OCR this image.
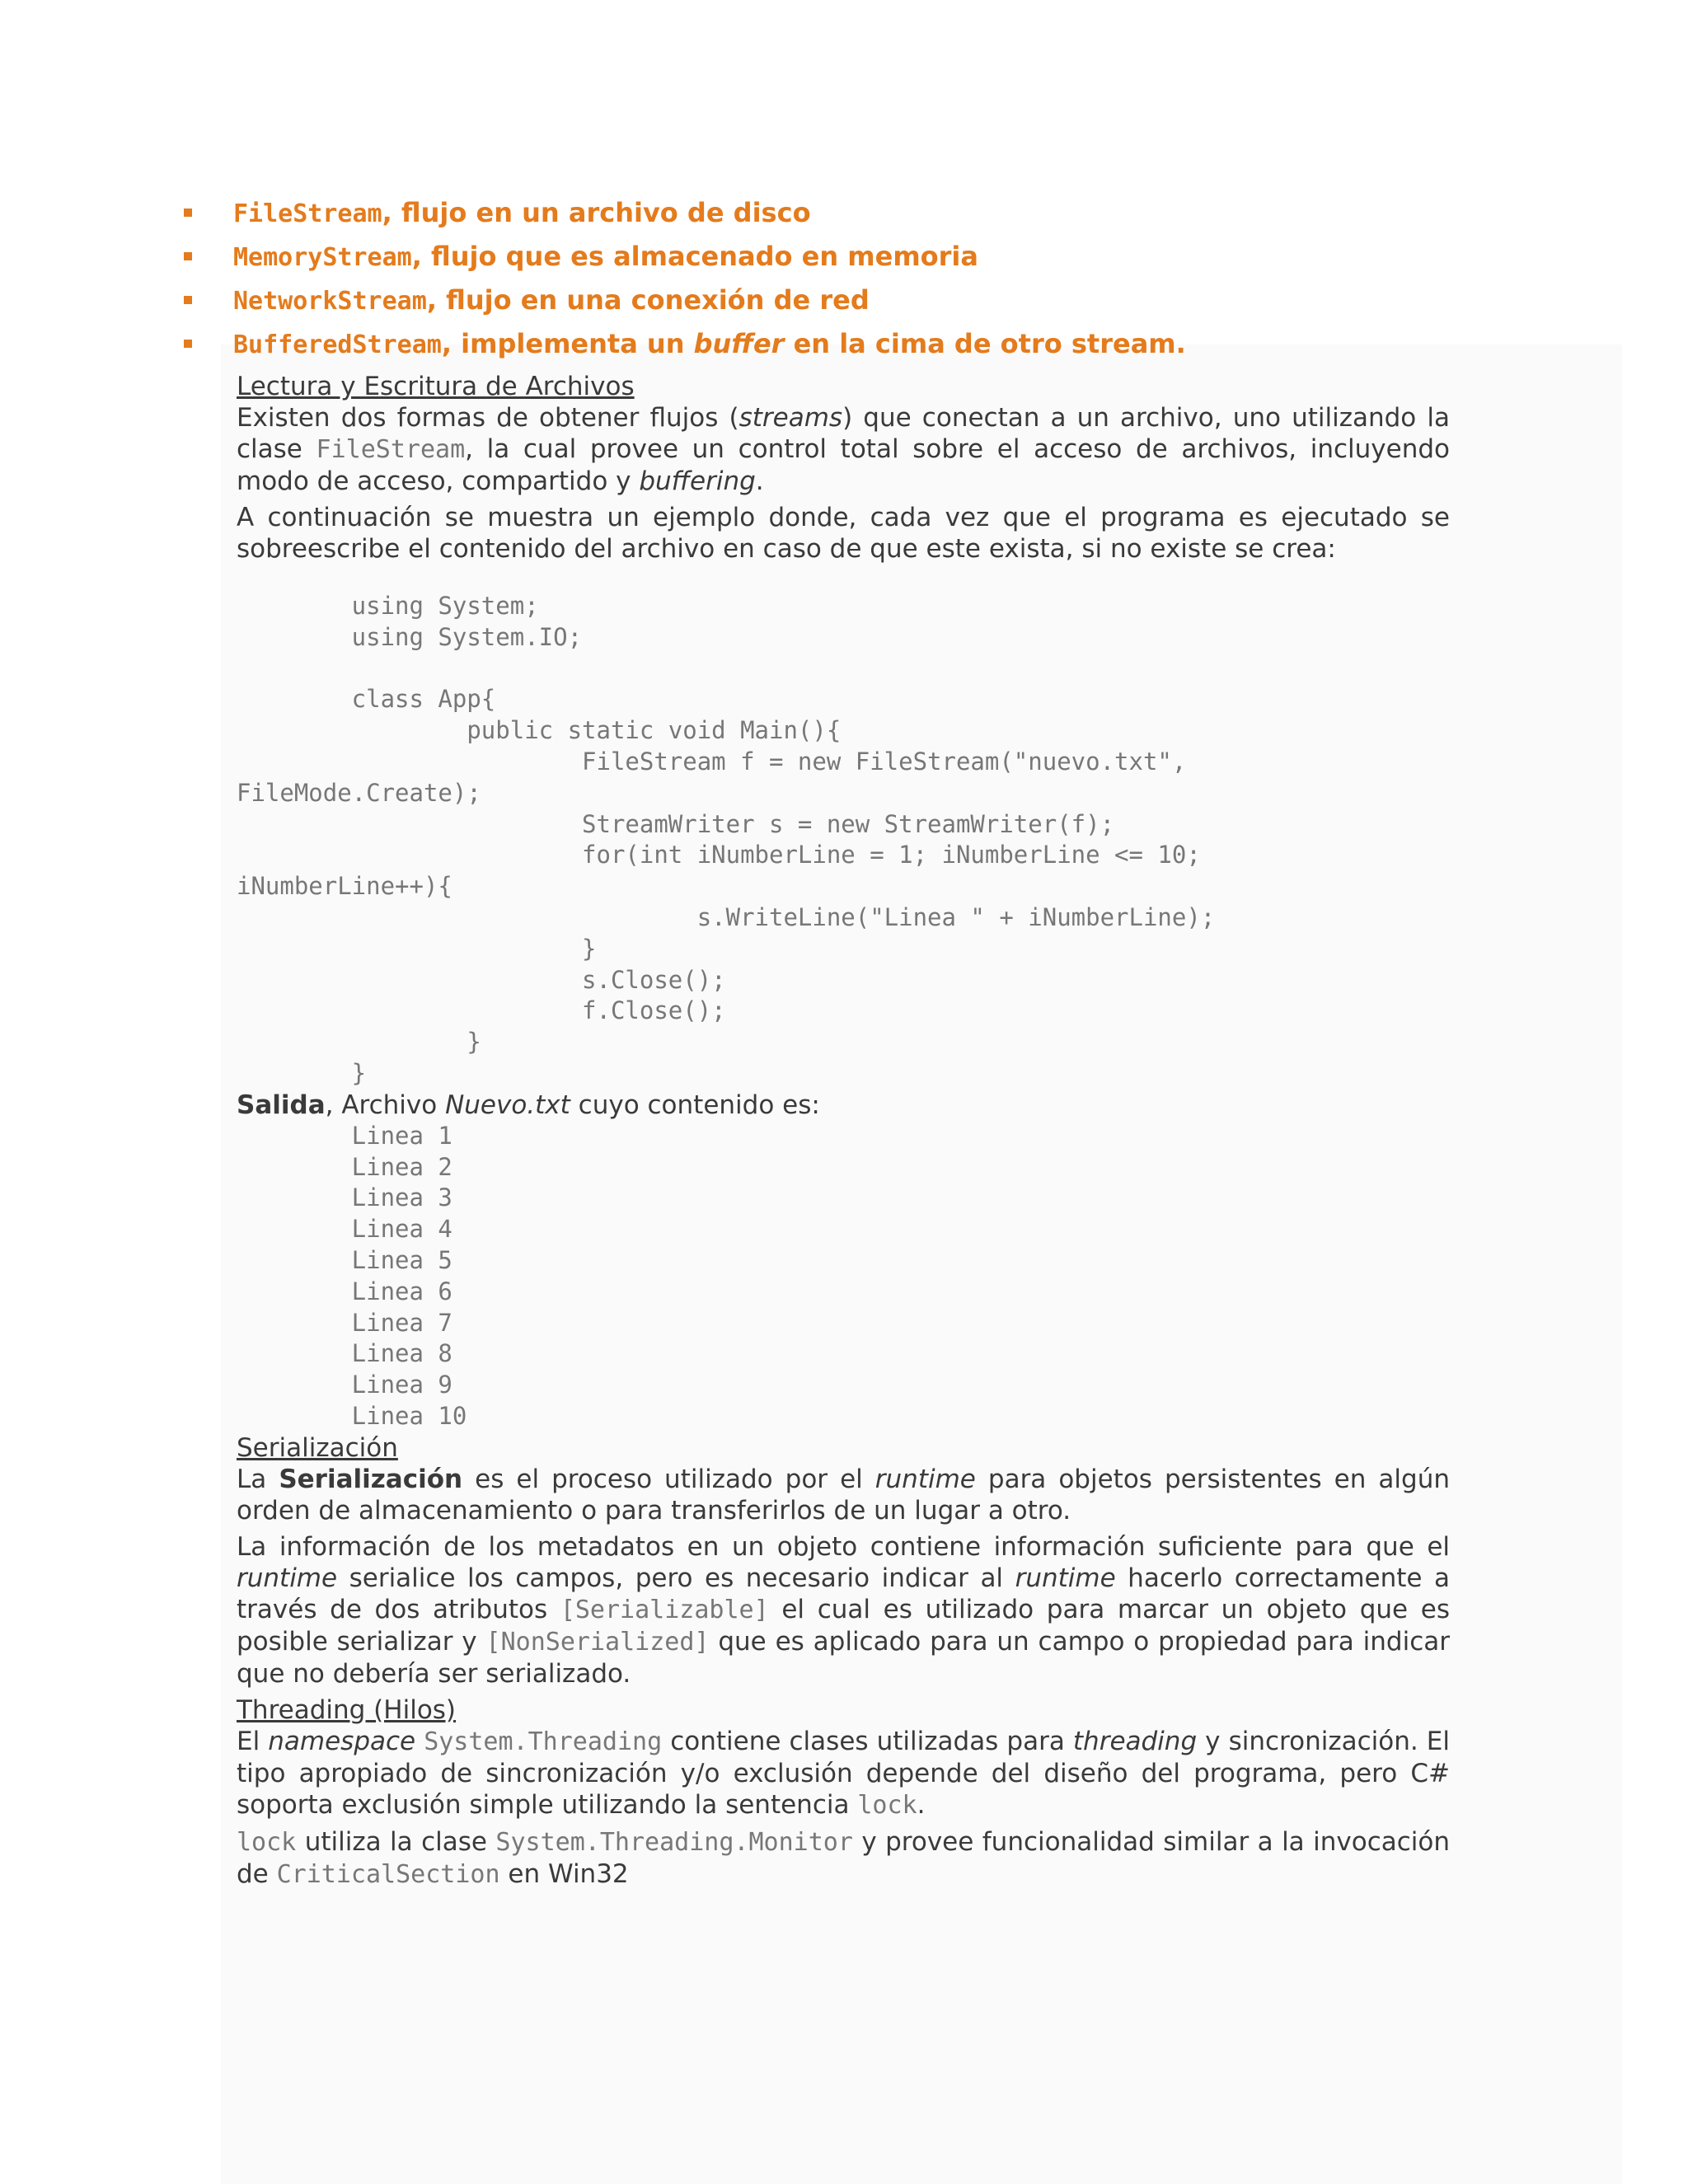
FileStream, flujo en un archivo de disco
MemoryStream, flujo que es almacenado en memoria
NetworkStream, flujo en una conexión de red
BufferedStream, implementa un buffer en la cima de otro stream.
Lectura y Escritura de Archivos

Existen dos formas de obtener flujos (streams) que conectan a un archivo, uno utilizando la clase FileStream, la cual provee un control total sobre el acceso de archivos, incluyendo modo de acceso, compartido y buffering.

A continuación se muestra un ejemplo donde, cada vez que el programa es ejecutado se sobreescribe el contenido del archivo en caso de que este exista, si no existe se crea:

using System;
using System.IO;

class App{
public static void Main(){
FileStream f = new FileStream("nuevo.txt",
FileMode.Create);
StreamWriter s = new StreamWriter(f);
for(int iNumberLine = 1; iNumberLine <= 10;
iNumberLine++){
s.WriteLine("Linea " + iNumberLine);
}
s.Close();
f.Close();
}
}
Salida, Archivo Nuevo.txt cuyo contenido es:
Linea 1
Linea 2
Linea 3
Linea 4
Linea 5
Linea 6
Linea 7
Linea 8
Linea 9
Linea 10
Serialización

La Serialización es el proceso utilizado por el runtime para objetos persistentes en algún orden de almacenamiento o para transferirlos de un lugar a otro.

La información de los metadatos en un objeto contiene información suficiente para que el runtime serialice los campos, pero es necesario indicar al runtime hacerlo correctamente a través de dos atributos [Serializable] el cual es utilizado para marcar un objeto que es posible serializar y [NonSerialized] que es aplicado para un campo o propiedad para indicar que no debería ser serializado.

Threading (Hilos)

El namespace System.Threading contiene clases utilizadas para threading y sincronización. El tipo apropiado de sincronización y/o exclusión depende del diseño del programa, pero C# soporta exclusión simple utilizando la sentencia lock.

lock utiliza la clase System.Threading.Monitor y provee funcionalidad similar a la invocación de CriticalSection en Win32
